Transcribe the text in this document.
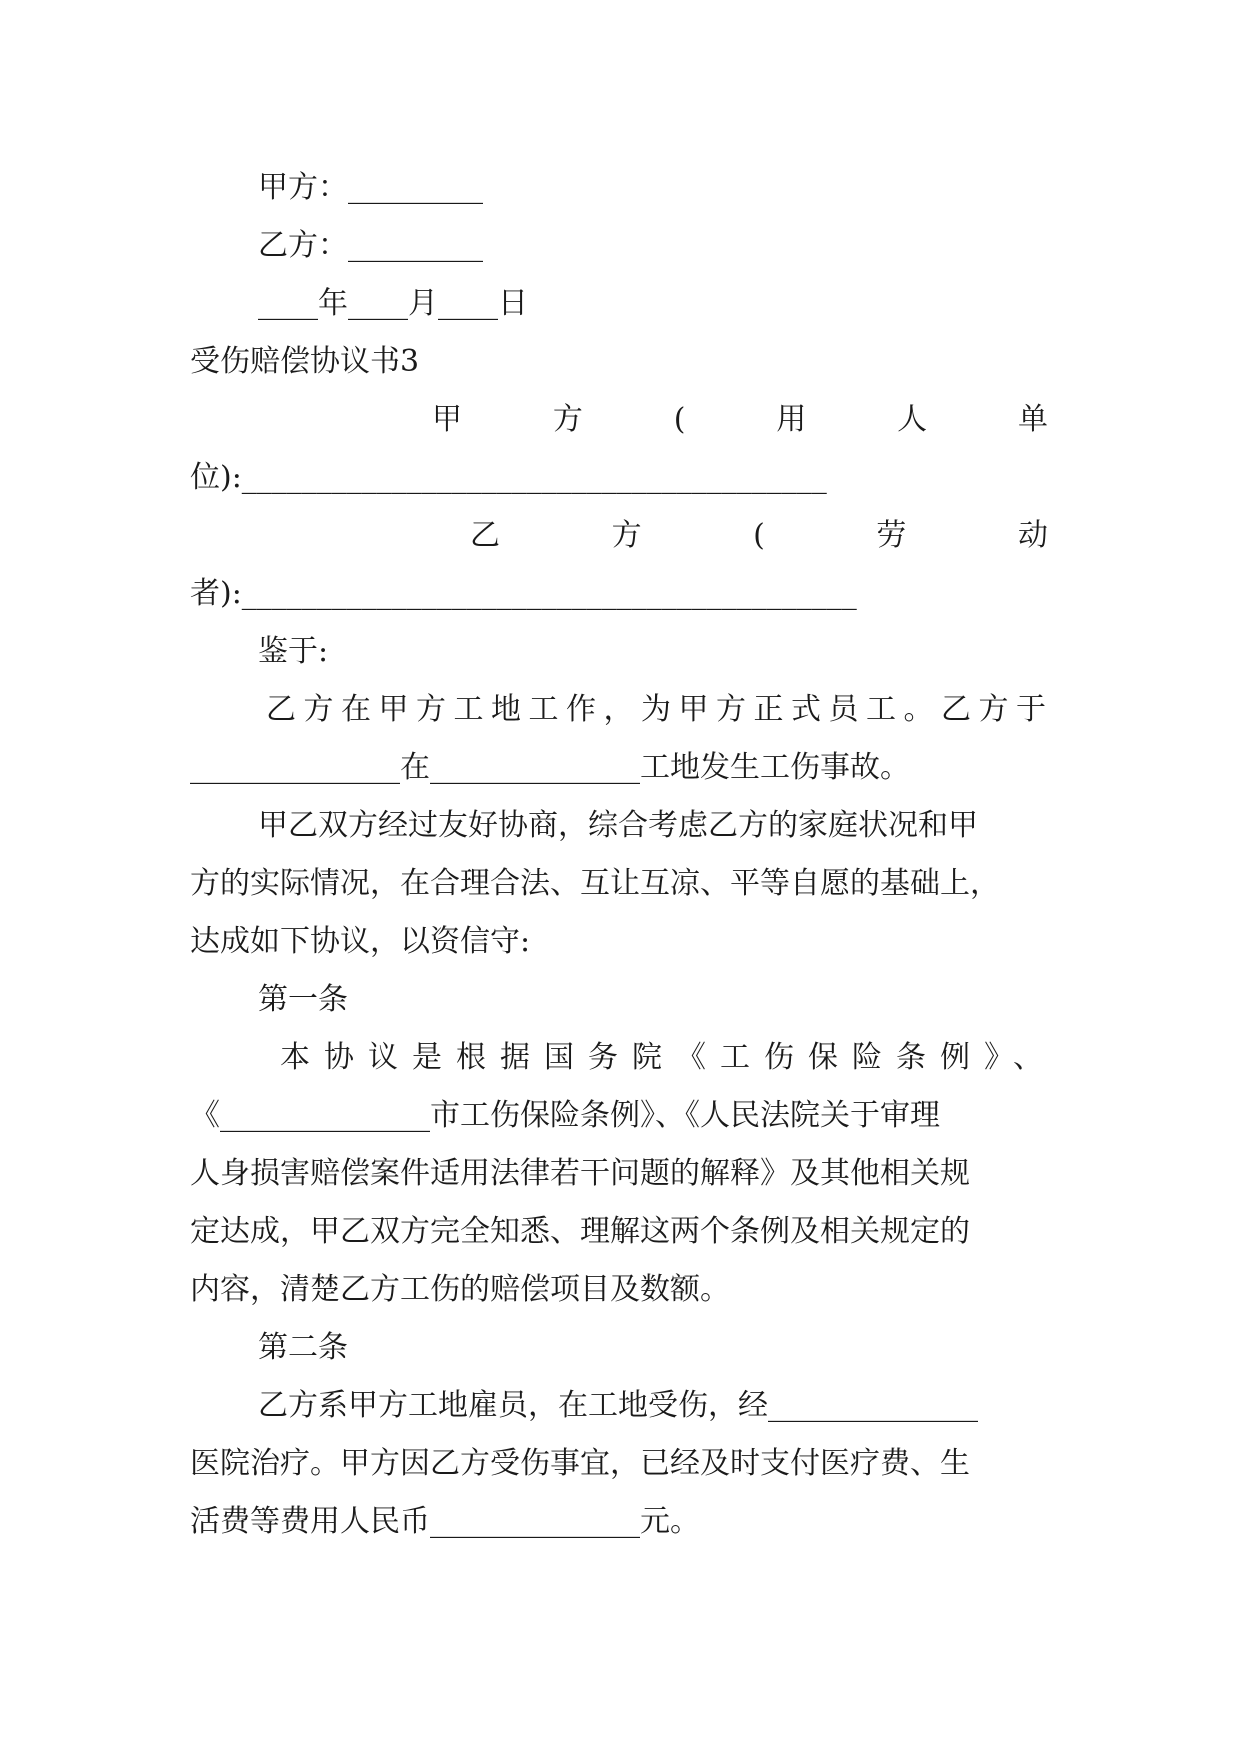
甲方：_________
乙方：_________
____年____月____日
受伤赔偿协议书3
甲	方	(	用	人	单
位):_______________________________________
乙	方	(	劳	动
者):_________________________________________
鉴于:
乙方在甲方工地工作，为甲方正式员工。乙方于
______________在______________工地发生工伤事故。
甲乙双方经过友好协商，综合考虑乙方的家庭状况和甲
方的实际情况，在合理合法、互让互凉、平等自愿的基础上，
达成如下协议，以资信守:
第一条
本协议是根据国务院《工伤保险条例》、
《______________市工伤保险条例》、《人民法院关于审理
人身损害赔偿案件适用法律若干问题的解释》及其他相关规
定达成，甲乙双方完全知悉、理解这两个条例及相关规定的
内容，清楚乙方工伤的赔偿项目及数额。
第二条
乙方系甲方工地雇员，在工地受伤，经______________
医院治疗。甲方因乙方受伤事宜，已经及时支付医疗费、生
活费等费用人民币______________元。
